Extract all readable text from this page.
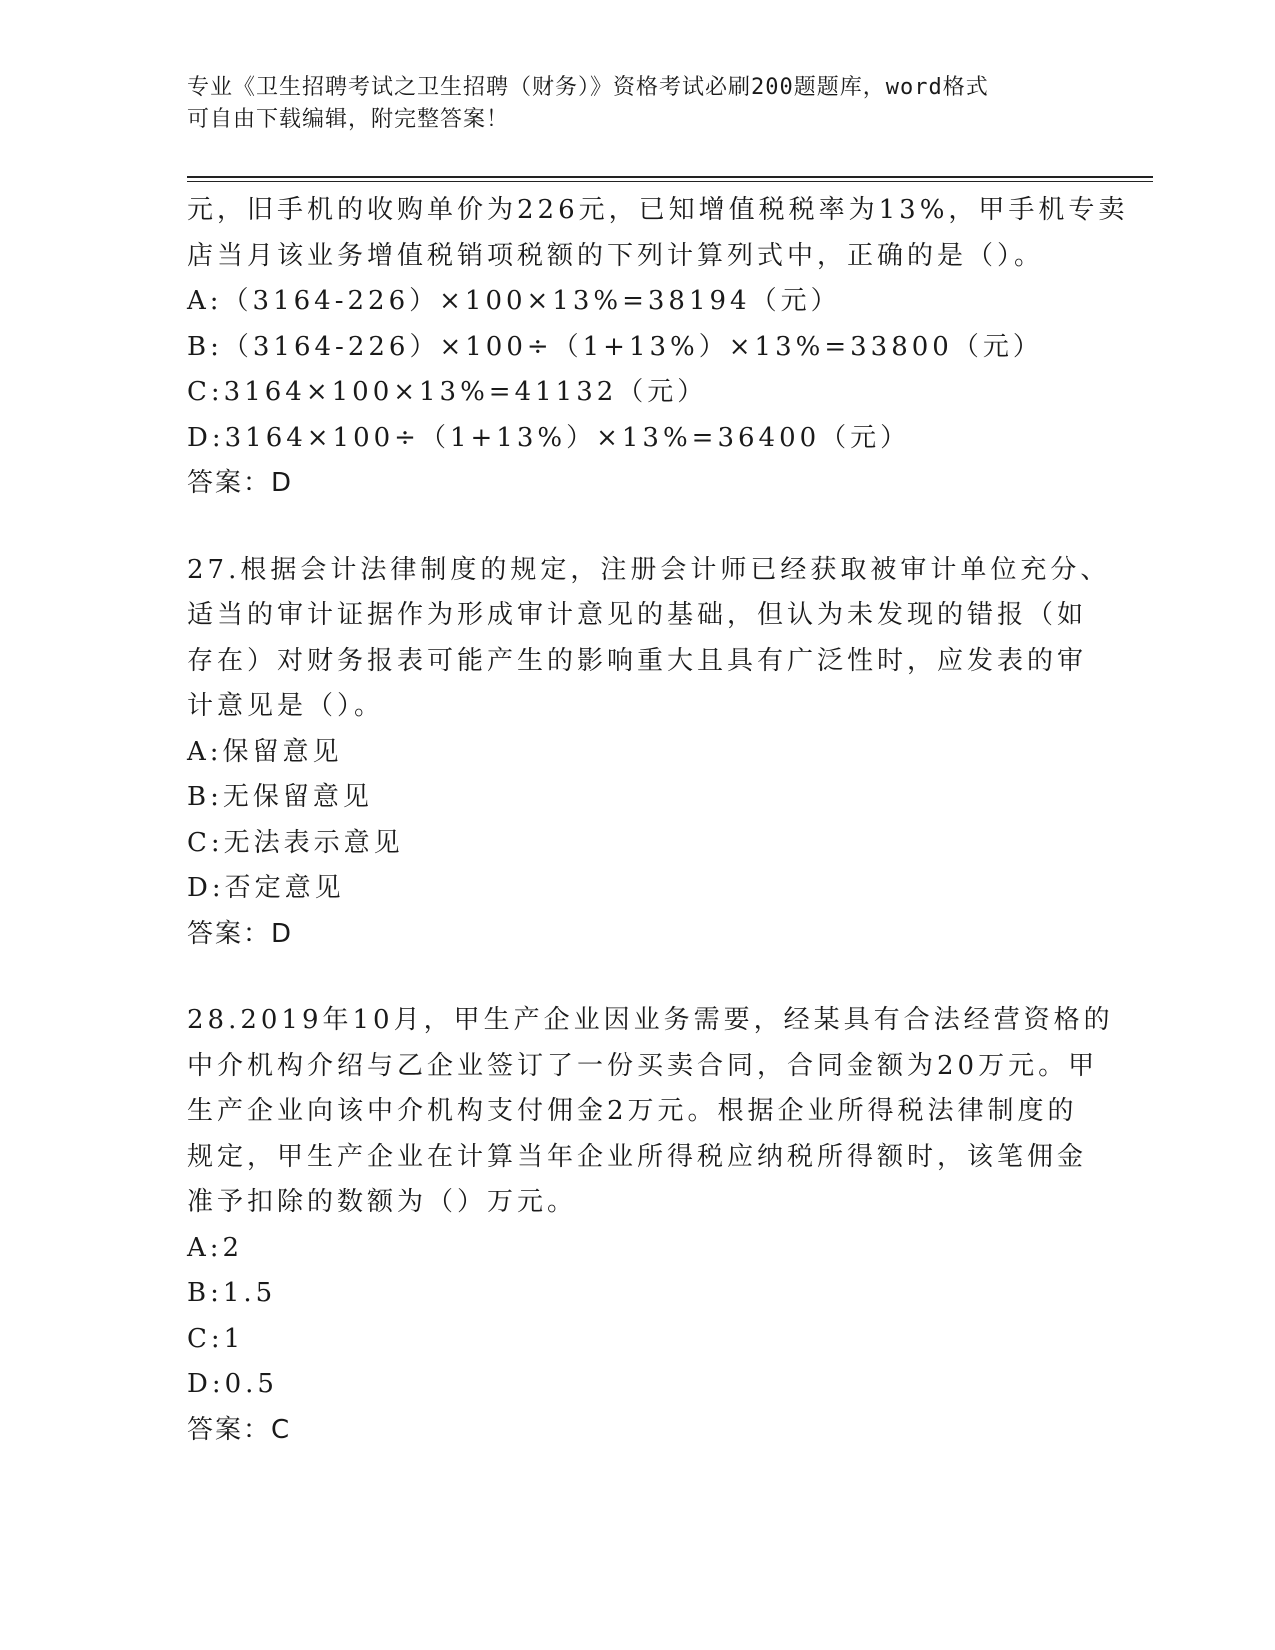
专业《卫生招聘考试之卫生招聘（财务）》资格考试必刷200题题库，word格式
可自由下载编辑，附完整答案！
元，旧手机的收购单价为226元，已知增值税税率为13%，甲手机专卖
店当月该业务增值税销项税额的下列计算列式中，正确的是（）。
A:（3164-226）×100×13%=38194（元）
B:（3164-226）×100÷（1+13%）×13%=33800（元）
C:3164×100×13%=41132（元）
D:3164×100÷（1+13%）×13%=36400（元）
答案：D
27.根据会计法律制度的规定，注册会计师已经获取被审计单位充分、
适当的审计证据作为形成审计意见的基础，但认为未发现的错报（如
存在）对财务报表可能产生的影响重大且具有广泛性时，应发表的审
计意见是（）。
A:保留意见
B:无保留意见
C:无法表示意见
D:否定意见
答案：D
28.2019年10月，甲生产企业因业务需要，经某具有合法经营资格的
中介机构介绍与乙企业签订了一份买卖合同，合同金额为20万元。甲
生产企业向该中介机构支付佣金2万元。根据企业所得税法律制度的
规定，甲生产企业在计算当年企业所得税应纳税所得额时，该笔佣金
准予扣除的数额为（）万元。
A:2
B:1.5
C:1
D:0.5
答案：C
